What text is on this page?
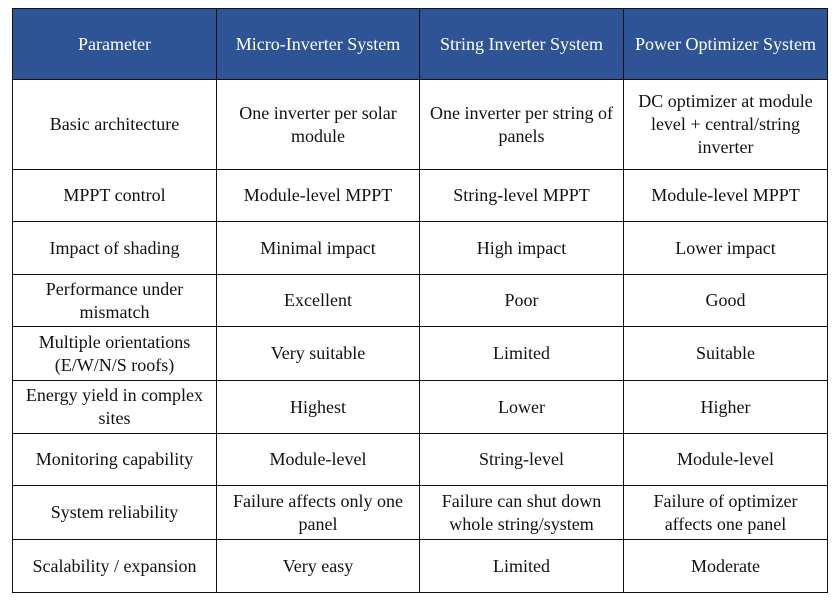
Parameter	Micro-Inverter System	String Inverter System	Power Optimizer System
Basic architecture	One inverter per solar module	One inverter per string of panels	DC optimizer at module level + central/string inverter
MPPT control	Module-level MPPT	String-level MPPT	Module-level MPPT
Impact of shading	Minimal impact	High impact	Lower impact
Performance under mismatch	Excellent	Poor	Good
Multiple orientations (E/W/N/S roofs)	Very suitable	Limited	Suitable
Energy yield in complex sites	Highest	Lower	Higher
Monitoring capability	Module-level	String-level	Module-level
System reliability	Failure affects only one panel	Failure can shut down whole string/system	Failure of optimizer affects one panel
Scalability / expansion	Very easy	Limited	Moderate
